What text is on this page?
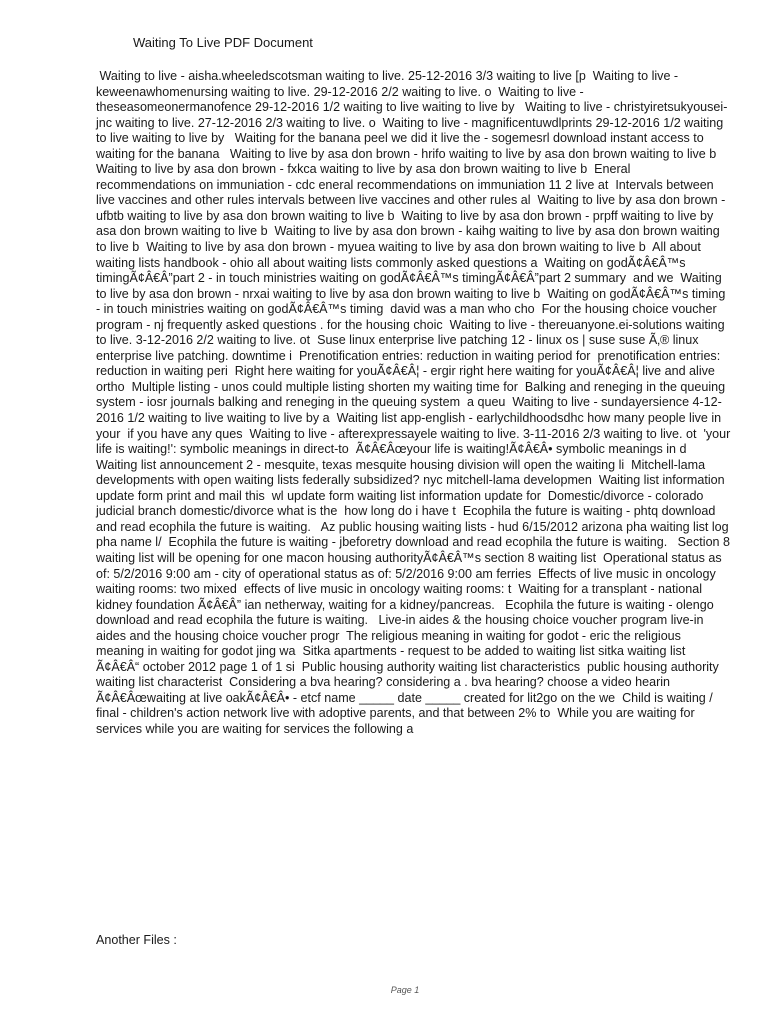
Waiting To Live PDF Document

Waiting to live - aisha.wheeledscotsman waiting to live. 25-12-2016 3/3 waiting to live [p  Waiting to live - keweenawhomenursing waiting to live. 29-12-2016 2/2 waiting to live. o  Waiting to live - theseasomeonermanofence 29-12-2016 1/2 waiting to live waiting to live by   Waiting to live - christyiretsukyousei-jnc waiting to live. 27-12-2016 2/3 waiting to live. o  Waiting to live - magnificentuwdlprints 29-12-2016 1/2 waiting to live waiting to live by   Waiting for the banana peel we did it live the - sogemesrl download instant access to waiting for the banana   Waiting to live by asa don brown - hrifo waiting to live by asa don brown waiting to live b  Waiting to live by asa don brown - fxkca waiting to live by asa don brown waiting to live b  Eneral recommendations on immuniation - cdc eneral recommendations on immuniation 11 2 live at  Intervals between live vaccines and other rules intervals between live vaccines and other rules al  Waiting to live by asa don brown - ufbtb waiting to live by asa don brown waiting to live b  Waiting to live by asa don brown - prpff waiting to live by asa don brown waiting to live b  Waiting to live by asa don brown - kaihg waiting to live by asa don brown waiting to live b  Waiting to live by asa don brown - myuea waiting to live by asa don brown waiting to live b  All about waiting lists handbook - ohio all about waiting lists commonly asked questions a  Waiting on godÃ¢Â€Â™s timingÃ¢Â€Â”part 2 - in touch ministries waiting on godÃ¢Â€Â™s timingÃ¢Â€Â”part 2 summary  and we  Waiting to live by asa don brown - nrxai waiting to live by asa don brown waiting to live b  Waiting on godÃ¢Â€Â™s timing - in touch ministries waiting on godÃ¢Â€Â™s timing  david was a man who cho  For the housing choice voucher program - nj frequently asked questions . for the housing choic  Waiting to live - thereuanyone.ei-solutions waiting to live. 3-12-2016 2/2 waiting to live. ot  Suse linux enterprise live patching 12 - linux os | suse suse Ã‚® linux enterprise live patching. downtime i  Prenotification entries: reduction in waiting period for  prenotification entries: reduction in waiting peri  Right here waiting for youÃ¢Â€Â¦ - ergir right here waiting for youÃ¢Â€Â¦ live and alive ortho  Multiple listing - unos could multiple listing shorten my waiting time for  Balking and reneging in the queuing system - iosr journals balking and reneging in the queuing system  a queu  Waiting to live - sundayersience 4-12-2016 1/2 waiting to live waiting to live by a  Waiting list app-english - earlychildhoodsdhc how many people live in your  if you have any ques  Waiting to live - afterexpressayele waiting to live. 3-11-2016 2/3 waiting to live. ot  'your life is waiting!': symbolic meanings in direct-to  Ã¢Â€Âœyour life is waiting!Ã¢Â€Â• symbolic meanings in d  Waiting list announcement 2 - mesquite, texas mesquite housing division will open the waiting li  Mitchell-lama developments with open waiting lists federally subsidized? nyc mitchell-lama developmen  Waiting list information update form print and mail this  wl update form waiting list information update for  Domestic/divorce - colorado judicial branch domestic/divorce what is the  how long do i have t  Ecophila the future is waiting - phtq download and read ecophila the future is waiting.   Az public housing waiting lists - hud 6/15/2012 arizona pha waiting list log pha name l/  Ecophila the future is waiting - jbeforetry download and read ecophila the future is waiting.   Section 8 waiting list will be opening for one macon housing authorityÃ¢Â€Â™s section 8 waiting list  Operational status as of: 5/2/2016 9:00 am - city of operational status as of: 5/2/2016 9:00 am ferries  Effects of live music in oncology waiting rooms: two mixed  effects of live music in oncology waiting rooms: t  Waiting for a transplant - national kidney foundation Ã¢Â€Â” ian netherway, waiting for a kidney/pancreas.   Ecophila the future is waiting - olengo download and read ecophila the future is waiting.   Live-in aides & the housing choice voucher program live-in aides and the housing choice voucher progr  The religious meaning in waiting for godot - eric the religious meaning in waiting for godot jing wa  Sitka apartments - request to be added to waiting list sitka waiting list Ã¢Â€Â“ october 2012 page 1 of 1 si  Public housing authority waiting list characteristics  public housing authority waiting list characterist  Considering a bva hearing? considering a . bva hearing? choose a video hearin  Ã¢Â€Âœwaiting at live oakÃ¢Â€Â• - etcf name _____ date _____ created for lit2go on the we  Child is waiting / final - children's action network live with adoptive parents, and that between 2% to  While you are waiting for services while you are waiting for services the following a

Another Files :
Page 1
